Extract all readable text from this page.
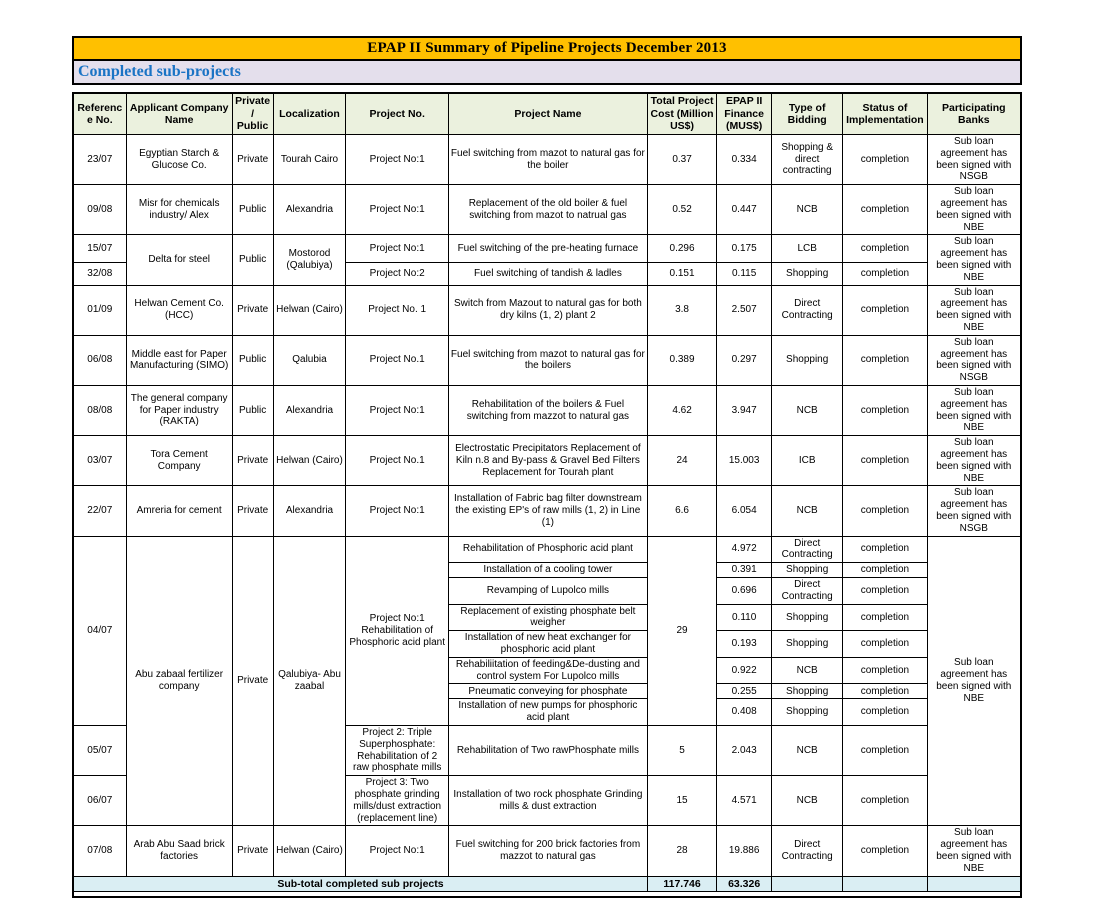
EPAP II Summary of Pipeline Projects December 2013
Completed sub-projects
Reference No.	Applicant Company Name	Private/ Public	Localization	Project No.	Project Name	Total Project Cost (Million US$)	EPAP II Finance (MUS$)	Type of Bidding	Status of Implementation	Participating Banks
23/07	Egyptian Starch & Glucose Co.	Private	Tourah Cairo	Project No:1	Fuel switching from mazot to natural gas for the boiler	0.37	0.334	Shopping & direct contracting	completion	Sub loan agreement has been signed with NSGB
09/08	Misr for chemicals industry/ Alex	Public	Alexandria	Project No:1	Replacement of the old boiler & fuel switching from mazot to natrual gas	0.52	0.447	NCB	completion	Sub loan agreement has been signed with NBE
15/07	Delta for steel	Public	Mostorod (Qalubiya)	Project No:1	Fuel switching of the pre-heating furnace	0.296	0.175	LCB	completion	Sub loan agreement has been signed with NBE
32/08				Project No:2	Fuel switching of tandish & ladles	0.151	0.115	Shopping	completion	
01/09	Helwan Cement Co. (HCC)	Private	Helwan (Cairo)	Project No. 1	Switch from Mazout to natural gas for both dry kilns (1, 2) plant 2	3.8	2.507	Direct Contracting	completion	Sub loan agreement has been signed with NBE
06/08	Middle east for Paper Manufacturing (SIMO)	Public	Qalubia	Project No.1	Fuel switching from mazot to natural gas for the boilers	0.389	0.297	Shopping	completion	Sub loan agreement has been signed with NSGB
08/08	The general company for Paper industry (RAKTA)	Public	Alexandria	Project No:1	Rehabilitation of the boilers & Fuel switching from mazzot to natural gas	4.62	3.947	NCB	completion	Sub loan agreement has been signed with NBE
03/07	Tora Cement Company	Private	Helwan (Cairo)	Project No.1	Electrostatic Precipitators Replacement of Kiln n.8 and By-pass & Gravel Bed Filters Replacement for Tourah plant	24	15.003	ICB	completion	Sub loan agreement has been signed with NBE
22/07	Amreria for cement	Private	Alexandria	Project No:1	Installation of Fabric bag filter downstream the existing EP's of raw mills (1, 2) in Line (1)	6.6	6.054	NCB	completion	Sub loan agreement has been signed with NSGB
04/07	Abu zabaal fertilizer company	Private	Qalubiya- Abu zaabal	Project No:1 Rehabilitation of Phosphoric acid plant	Rehabilitation of Phosphoric acid plant	29	4.972	Direct Contracting	completion	Sub loan agreement has been signed with NBE
					Installation of a cooling tower		0.391	Shopping	completion	
					Revamping of Lupolco mills		0.696	Direct Contracting	completion	
					Replacement of existing phosphate belt weigher		0.110	Shopping	completion	
					Installation of new heat exchanger for phosphoric acid plant		0.193	Shopping	completion	
					Rehabiliitation of feeding&De-dusting and control system For Lupolco mills		0.922	NCB	completion	
					Pneumatic conveying for phosphate		0.255	Shopping	completion	
					Installation of new pumps for phosphoric acid plant		0.408	Shopping	completion	
05/07				Project 2: Triple Superphosphate: Rehabilitation of 2 raw phosphate mills	Rehabilitation of Two rawPhosphate mills	5	2.043	NCB	completion	
06/07				Project 3: Two phosphate grinding mills/dust extraction (replacement line)	Installation of two rock phosphate Grinding mills & dust extraction	15	4.571	NCB	completion	
07/08	Arab Abu Saad brick factories	Private	Helwan (Cairo)	Project No:1	Fuel switching for 200 brick factories from mazzot to natural gas	28	19.886	Direct Contracting	completion	Sub loan agreement has been signed with NBE
Sub-total completed sub projects						117.746	63.326			
